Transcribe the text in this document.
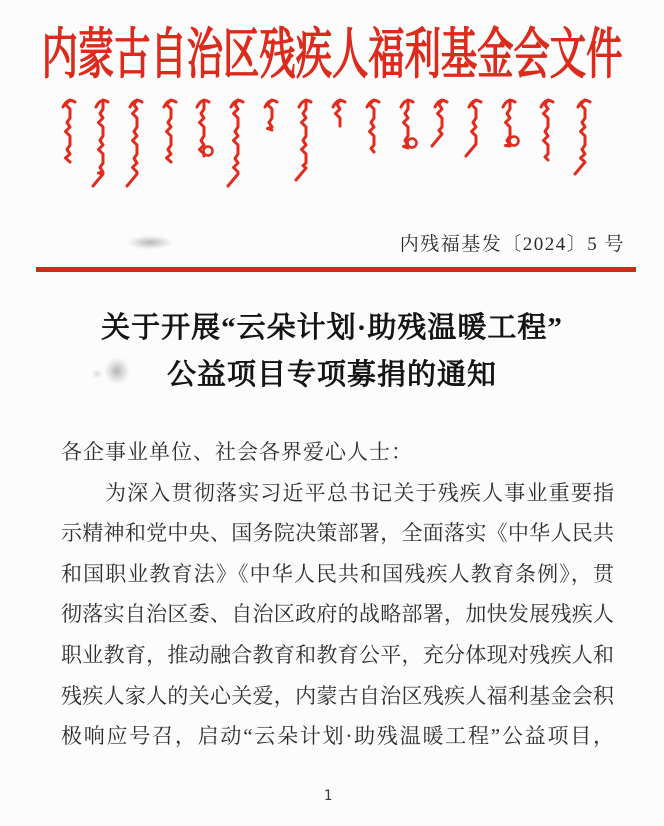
内蒙古自治区残疾人福利基金会文件
内残福基发〔2024〕5 号
关于开展“云朵计划·助残温暖工程”
公益项目专项募捐的通知
各企事业单位、社会各界爱心人士：
为深入贯彻落实习近平总书记关于残疾人事业重要指
示精神和党中央、国务院决策部署，全面落实《中华人民共
和国职业教育法》《中华人民共和国残疾人教育条例》，贯
彻落实自治区委、自治区政府的战略部署，加快发展残疾人
职业教育，推动融合教育和教育公平，充分体现对残疾人和
残疾人家人的关心关爱，内蒙古自治区残疾人福利基金会积
极响应号召，启动“云朵计划·助残温暖工程”公益项目，
1
